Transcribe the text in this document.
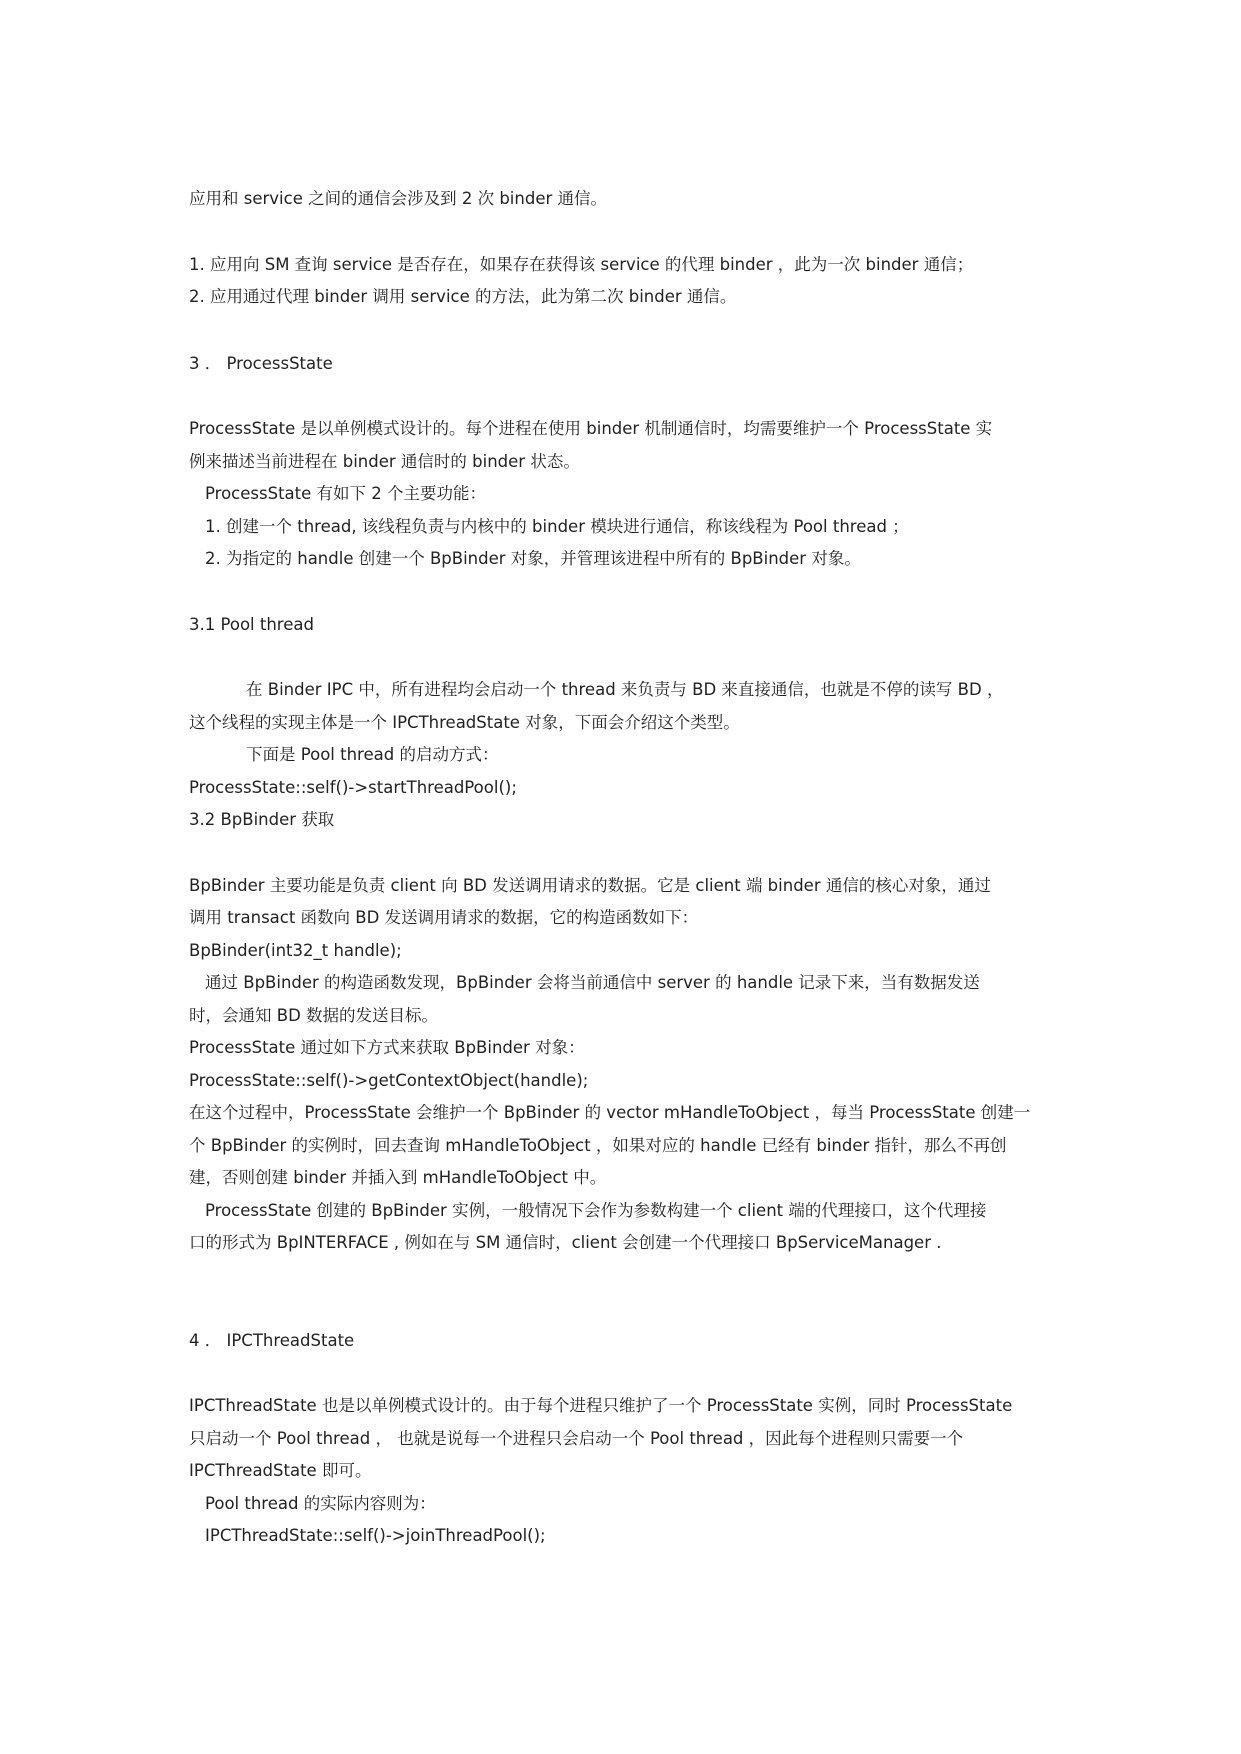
应用和 service 之间的通信会涉及到 2 次 binder 通信。
1. 应用向 SM 查询 service 是否存在，如果存在获得该 service 的代理 binder ，此为一次 binder 通信；
2. 应用通过代理 binder 调用 service 的方法，此为第二次 binder 通信。
3 ． ProcessState
ProcessState 是以单例模式设计的。每个进程在使用 binder 机制通信时，均需要维护一个 ProcessState 实
例来描述当前进程在 binder 通信时的 binder 状态。
ProcessState 有如下 2 个主要功能：
1. 创建一个 thread, 该线程负责与内核中的 binder 模块进行通信，称该线程为 Pool thread ；
2. 为指定的 handle 创建一个 BpBinder 对象，并管理该进程中所有的 BpBinder 对象。
3.1 Pool thread
在 Binder IPC 中，所有进程均会启动一个 thread 来负责与 BD 来直接通信，也就是不停的读写 BD ，
这个线程的实现主体是一个 IPCThreadState 对象，下面会介绍这个类型。
下面是 Pool thread 的启动方式：
ProcessState::self()->startThreadPool();
3.2 BpBinder 获取
BpBinder 主要功能是负责 client 向 BD 发送调用请求的数据。它是 client 端 binder 通信的核心对象，通过
调用 transact 函数向 BD 发送调用请求的数据，它的构造函数如下：
BpBinder(int32_t handle);
通过 BpBinder 的构造函数发现，BpBinder 会将当前通信中 server 的 handle 记录下来，当有数据发送
时，会通知 BD 数据的发送目标。
ProcessState 通过如下方式来获取 BpBinder 对象：
ProcessState::self()->getContextObject(handle);
在这个过程中，ProcessState 会维护一个 BpBinder 的 vector mHandleToObject ，每当 ProcessState 创建一
个 BpBinder 的实例时，回去查询 mHandleToObject ，如果对应的 handle 已经有 binder 指针，那么不再创
建，否则创建 binder 并插入到 mHandleToObject 中。
ProcessState 创建的 BpBinder 实例，一般情况下会作为参数构建一个 client 端的代理接口，这个代理接
口的形式为 BpINTERFACE , 例如在与 SM 通信时，client 会创建一个代理接口 BpServiceManager .
4 ． IPCThreadState
IPCThreadState 也是以单例模式设计的。由于每个进程只维护了一个 ProcessState 实例，同时 ProcessState
只启动一个 Pool thread ， 也就是说每一个进程只会启动一个 Pool thread ，因此每个进程则只需要一个
IPCThreadState 即可。
Pool thread 的实际内容则为：
IPCThreadState::self()->joinThreadPool();
